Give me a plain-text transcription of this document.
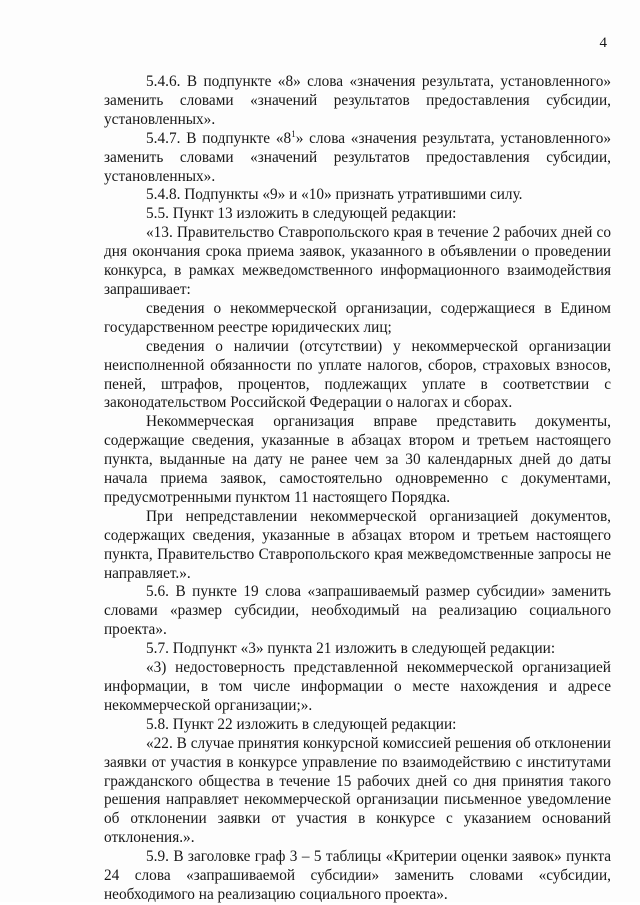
4

5.4.6. В подпункте «8» слова «значения результата, установленного» заменить словами «значений результатов предоставления субсидии, установленных».

5.4.7. В подпункте «$8^1$» слова «значения результата, установленного» заменить словами «значений результатов предоставления субсидии, установленных».

5.4.8. Подпункты «9» и «10» признать утратившими силу.

5.5. Пункт 13 изложить в следующей редакции:

«13. Правительство Ставропольского края в течение 2 рабочих дней со дня окончания срока приема заявок, указанного в объявлении о проведении конкурса, в рамках межведомственного информационного взаимодействия запрашивает:

сведения о некоммерческой организации, содержащиеся в Едином государственном реестре юридических лиц;

сведения о наличии (отсутствии) у некоммерческой организации неисполненной обязанности по уплате налогов, сборов, страховых взносов, пеней, штрафов, процентов, подлежащих уплате в соответствии с законодательством Российской Федерации о налогах и сборах.

Некоммерческая организация вправе представить документы, содержащие сведения, указанные в абзацах втором и третьем настоящего пункта, выданные на дату не ранее чем за 30 календарных дней до даты начала приема заявок, самостоятельно одновременно с документами, предусмотренными пунктом 11 настоящего Порядка.

При непредставлении некоммерческой организацией документов, содержащих сведения, указанные в абзацах втором и третьем настоящего пункта, Правительство Ставропольского края межведомственные запросы не направляет.».

5.6. В пункте 19 слова «запрашиваемый размер субсидии» заменить словами «размер субсидии, необходимый на реализацию социального проекта».

5.7. Подпункт «3» пункта 21 изложить в следующей редакции:

«3) недостоверность представленной некоммерческой организацией информации, в том числе информации о месте нахождения и адресе некоммерческой организации;».

5.8. Пункт 22 изложить в следующей редакции:

«22. В случае принятия конкурсной комиссией решения об отклонении заявки от участия в конкурсе управление по взаимодействию с институтами гражданского общества в течение 15 рабочих дней со дня принятия такого решения направляет некоммерческой организации письменное уведомление об отклонении заявки от участия в конкурсе с указанием оснований отклонения.».

5.9. В заголовке граф 3 – 5 таблицы «Критерии оценки заявок» пункта 24 слова «запрашиваемой субсидии» заменить словами «субсидии, необходимого на реализацию социального проекта».
